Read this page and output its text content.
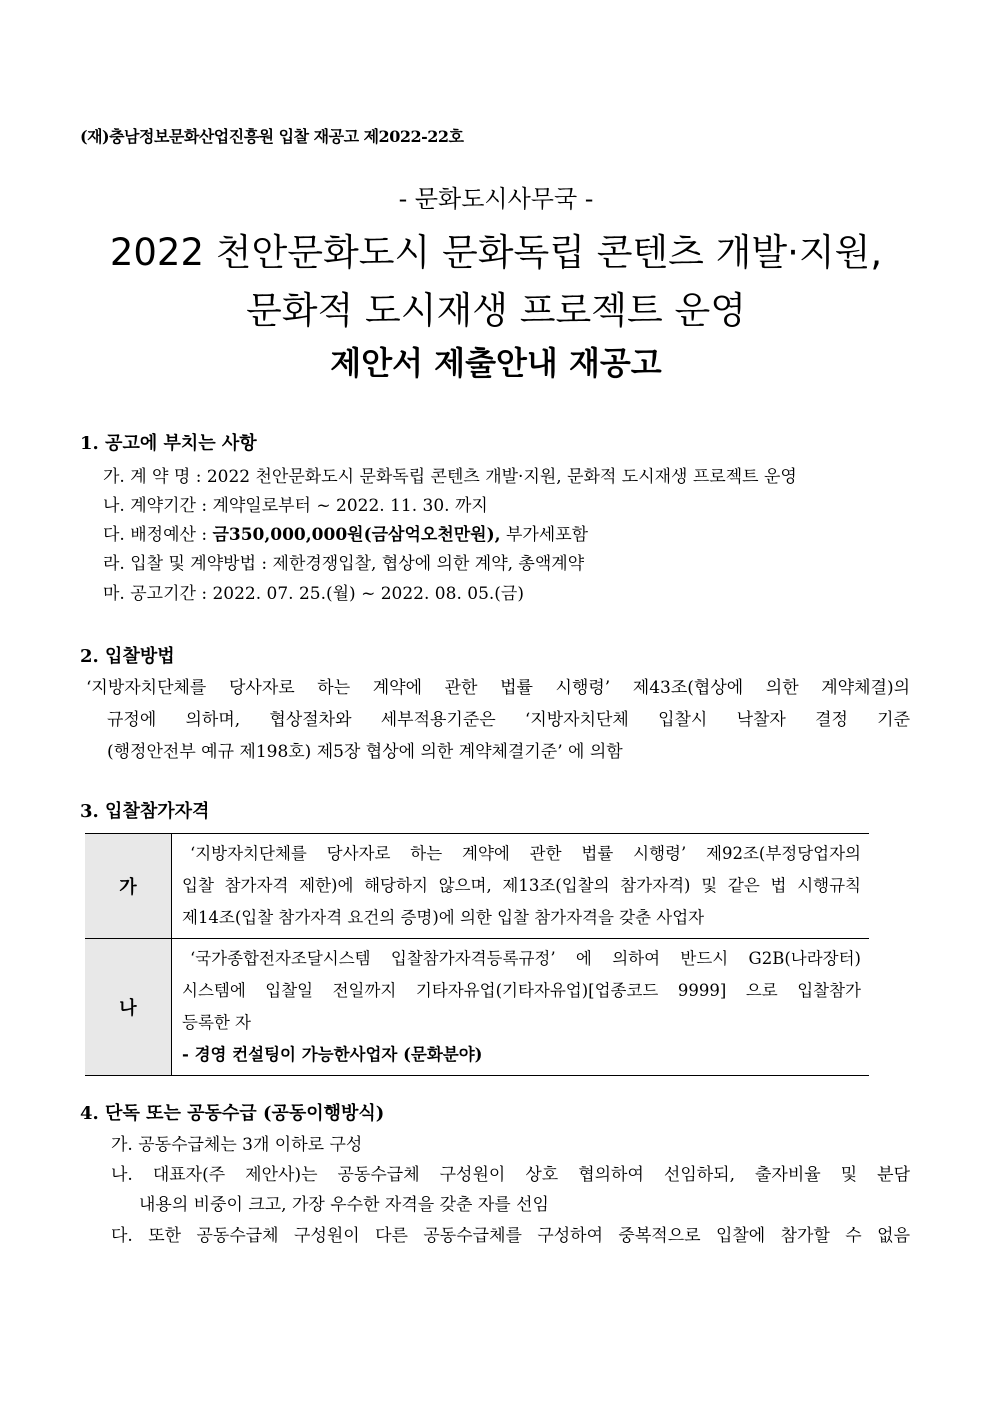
(재)충남정보문화산업진흥원 입찰 재공고 제2022-22호
- 문화도시사무국 -
2022 천안문화도시 문화독립 콘텐츠 개발·지원,
문화적 도시재생 프로젝트 운영
제안서 제출안내 재공고
1. 공고에 부치는 사항
가. 계 약 명 : 2022 천안문화도시 문화독립 콘텐츠 개발·지원, 문화적 도시재생 프로젝트 운영
나. 계약기간 : 계약일로부터 ~ 2022. 11. 30. 까지
다. 배정예산 : 금350,000,000원(금삼억오천만원), 부가세포함
라. 입찰 및 계약방법 : 제한경쟁입찰, 협상에 의한 계약, 총액계약
마. 공고기간 : 2022. 07. 25.(월) ~ 2022. 08. 05.(금)
2. 입찰방법
‘지방자치단체를 당사자로 하는 계약에 관한 법률 시행령’ 제43조(협상에 의한 계약체결)의
규정에 의하며, 협상절차와 세부적용기준은 ‘지방자치단체 입찰시 낙찰자 결정 기준
(행정안전부 예규 제198호) 제5장 협상에 의한 계약체결기준’ 에 의함
3. 입찰참가자격
가	‘지방자치단체를 당사자로 하는 계약에 관한 법률 시행령’ 제92조(부정당업자의
입찰 참가자격 제한)에 해당하지 않으며, 제13조(입찰의 참가자격) 및 같은 법 시행규칙
제14조(입찰 참가자격 요건의 증명)에 의한 입찰 참가자격을 갖춘 사업자

나	‘국가종합전자조달시스템 입찰참가자격등록규정’ 에 의하여 반드시 G2B(나라장터)
시스템에 입찰일 전일까지 기타자유업(기타자유업)[업종코드 9999] 으로 입찰참가
등록한 자
- 경영 컨설팅이 가능한사업자 (문화분야)
4. 단독 또는 공동수급 (공동이행방식)
가. 공동수급체는 3개 이하로 구성
나. 대표자(주 제안사)는 공동수급체 구성원이 상호 협의하여 선임하되, 출자비율 및 분담
내용의 비중이 크고, 가장 우수한 자격을 갖춘 자를 선임
다. 또한 공동수급체 구성원이 다른 공동수급체를 구성하여 중복적으로 입찰에 참가할 수 없음
